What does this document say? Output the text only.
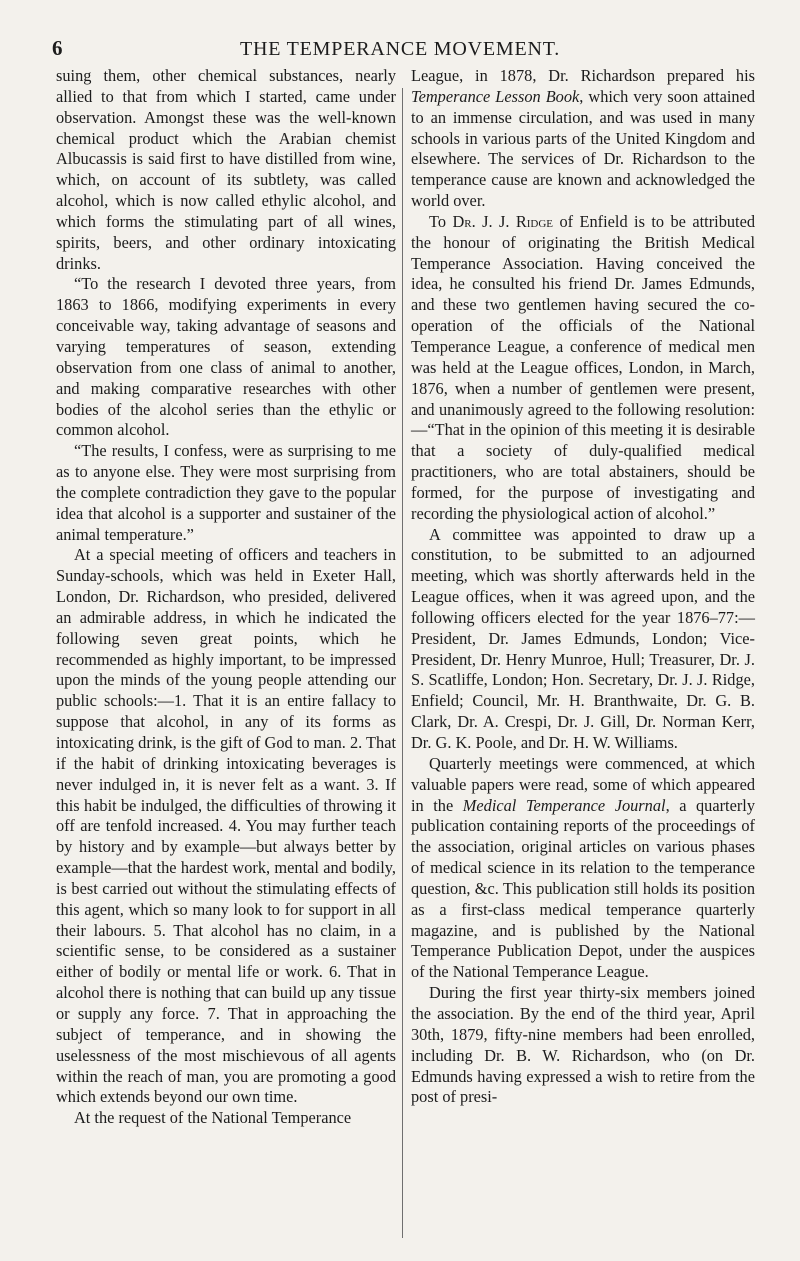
6	THE TEMPERANCE MOVEMENT.

suing them, other chemical substances, nearly allied to that from which I started, came under observation. Amongst these was the well-known chemical product which the Arabian chemist Albucassis is said first to have distilled from wine, which, on account of its subtlety, was called alcohol, which is now called ethylic alcohol, and which forms the stimulating part of all wines, spirits, beers, and other ordinary intoxicating drinks.

“To the research I devoted three years, from 1863 to 1866, modifying experiments in every conceivable way, taking advantage of seasons and varying temperatures of season, extending observation from one class of animal to another, and making comparative researches with other bodies of the alcohol series than the ethylic or common alcohol.

“The results, I confess, were as surprising to me as to anyone else. They were most surprising from the complete contradiction they gave to the popular idea that alcohol is a supporter and sustainer of the animal temperature.”

At a special meeting of officers and teachers in Sunday-schools, which was held in Exeter Hall, London, Dr. Richardson, who presided, delivered an admirable address, in which he indicated the following seven great points, which he recommended as highly important, to be impressed upon the minds of the young people attending our public schools:—1. That it is an entire fallacy to suppose that alcohol, in any of its forms as intoxicating drink, is the gift of God to man. 2. That if the habit of drinking intoxicating beverages is never indulged in, it is never felt as a want. 3. If this habit be indulged, the difficulties of throwing it off are tenfold increased. 4. You may further teach by history and by example—but always better by example—that the hardest work, mental and bodily, is best carried out without the stimulating effects of this agent, which so many look to for support in all their labours. 5. That alcohol has no claim, in a scientific sense, to be considered as a sustainer either of bodily or mental life or work. 6. That in alcohol there is nothing that can build up any tissue or supply any force. 7. That in approaching the subject of temperance, and in showing the uselessness of the most mischievous of all agents within the reach of man, you are promoting a good which extends beyond our own time.

At the request of the National Temperance

League, in 1878, Dr. Richardson prepared his Temperance Lesson Book, which very soon attained to an immense circulation, and was used in many schools in various parts of the United Kingdom and elsewhere. The services of Dr. Richardson to the temperance cause are known and acknowledged the world over.

To Dr. J. J. Ridge of Enfield is to be attributed the honour of originating the British Medical Temperance Association. Having conceived the idea, he consulted his friend Dr. James Edmunds, and these two gentlemen having secured the co-operation of the officials of the National Temperance League, a conference of medical men was held at the League offices, London, in March, 1876, when a number of gentlemen were present, and unanimously agreed to the following resolution:—“That in the opinion of this meeting it is desirable that a society of duly-qualified medical practitioners, who are total abstainers, should be formed, for the purpose of investigating and recording the physiological action of alcohol.”

A committee was appointed to draw up a constitution, to be submitted to an adjourned meeting, which was shortly afterwards held in the League offices, when it was agreed upon, and the following officers elected for the year 1876–77:—President, Dr. James Edmunds, London; Vice-President, Dr. Henry Munroe, Hull; Treasurer, Dr. J. S. Scatliffe, London; Hon. Secretary, Dr. J. J. Ridge, Enfield; Council, Mr. H. Branthwaite, Dr. G. B. Clark, Dr. A. Crespi, Dr. J. Gill, Dr. Norman Kerr, Dr. G. K. Poole, and Dr. H. W. Williams.

Quarterly meetings were commenced, at which valuable papers were read, some of which appeared in the Medical Temperance Journal, a quarterly publication containing reports of the proceedings of the association, original articles on various phases of medical science in its relation to the temperance question, &c. This publication still holds its position as a first-class medical temperance quarterly magazine, and is published by the National Temperance Publication Depot, under the auspices of the National Temperance League.

During the first year thirty-six members joined the association. By the end of the third year, April 30th, 1879, fifty-nine members had been enrolled, including Dr. B. W. Richardson, who (on Dr. Edmunds having expressed a wish to retire from the post of presi-
